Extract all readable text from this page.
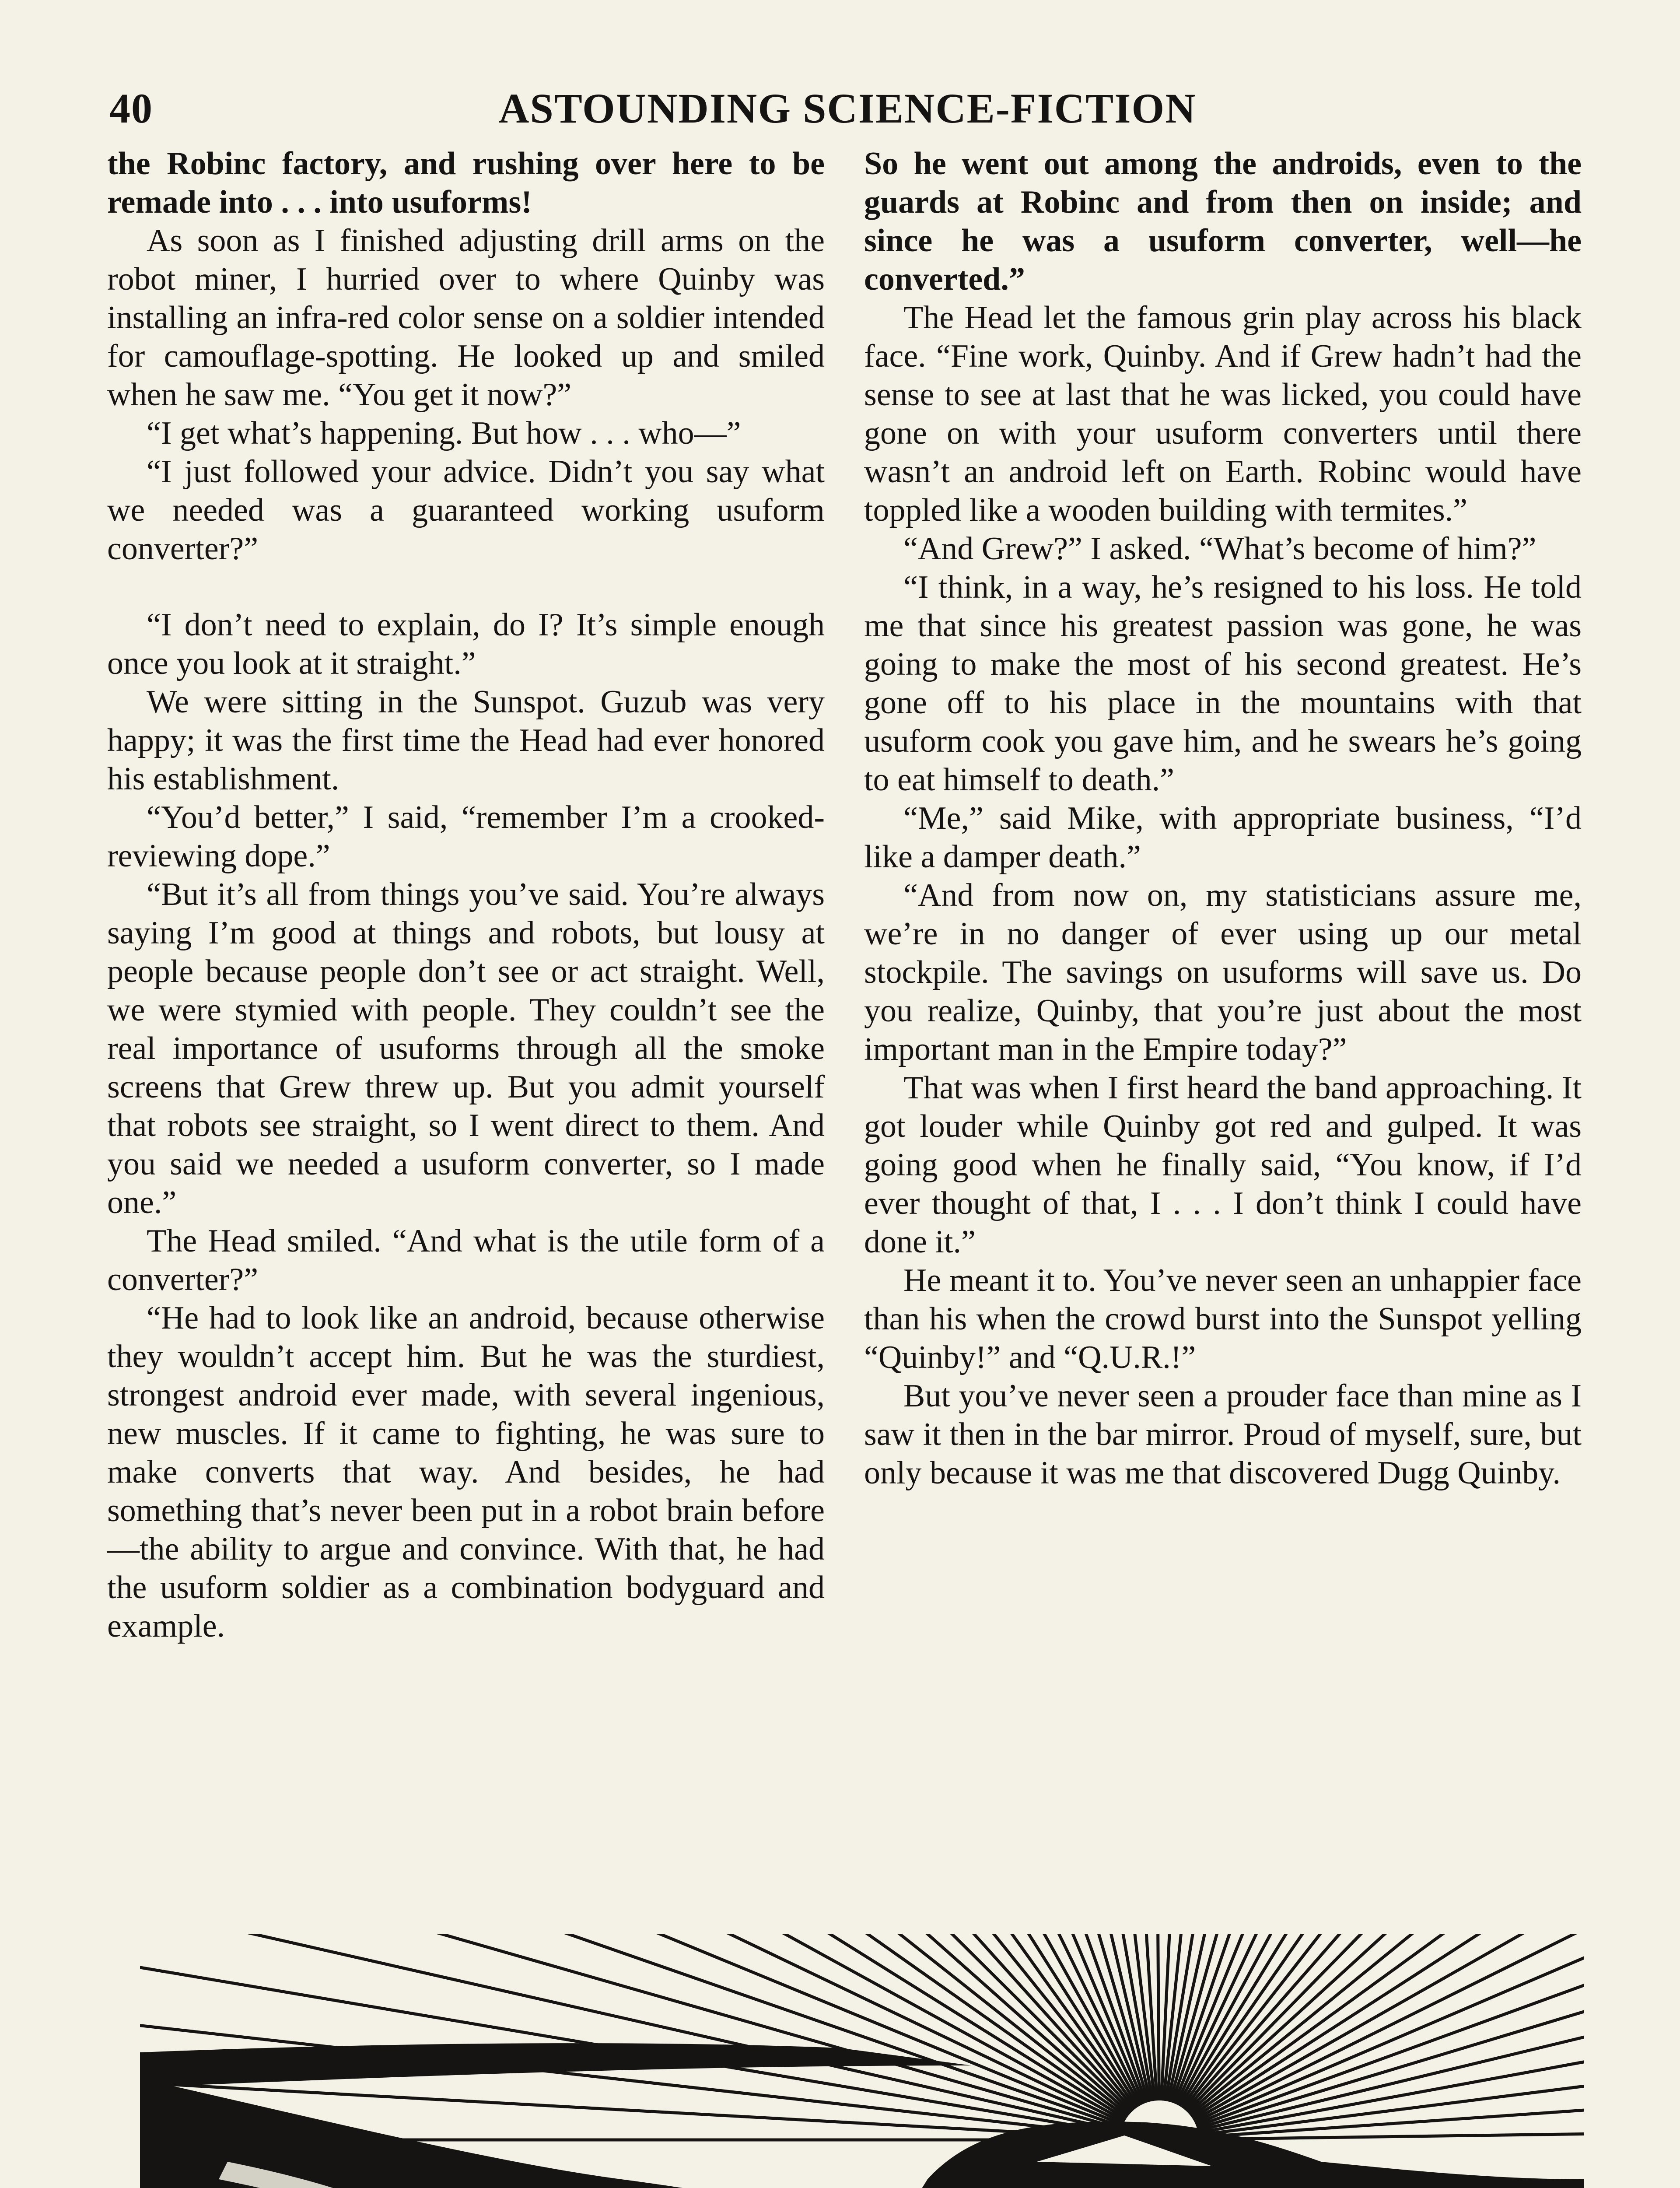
40	ASTOUNDING SCIENCE-FICTION

the Robinc factory, and rushing over here to be remade into . . . into usuforms!

As soon as I finished adjusting drill arms on the robot miner, I hurried over to where Quinby was installing an infra-red color sense on a soldier intended for camouflage-spotting. He looked up and smiled when he saw me. “You get it now?”

“I get what’s happening. But how . . . who—”

“I just followed your advice. Didn’t you say what we needed was a guaranteed working usuform converter?”

“I don’t need to explain, do I? It’s simple enough once you look at it straight.”

We were sitting in the Sunspot. Guzub was very happy; it was the first time the Head had ever honored his establishment.

“You’d better,” I said, “remember I’m a crooked-reviewing dope.”

“But it’s all from things you’ve said. You’re always saying I’m good at things and robots, but lousy at people because people don’t see or act straight. Well, we were stymied with people. They couldn’t see the real importance of usuforms through all the smoke screens that Grew threw up. But you admit yourself that robots see straight, so I went direct to them. And you said we needed a usuform converter, so I made one.”

The Head smiled. “And what is the utile form of a converter?”

“He had to look like an android, because otherwise they wouldn’t accept him. But he was the sturdiest, strongest android ever made, with several ingenious, new muscles. If it came to fighting, he was sure to make converts that way. And besides, he had something that’s never been put in a robot brain before—the ability to argue and convince. With that, he had the usuform soldier as a combination bodyguard and example.

So he went out among the androids, even to the guards at Robinc and from then on inside; and since he was a usuform converter, well—he converted.”

The Head let the famous grin play across his black face. “Fine work, Quinby. And if Grew hadn’t had the sense to see at last that he was licked, you could have gone on with your usuform converters until there wasn’t an android left on Earth. Robinc would have toppled like a wooden building with termites.”

“And Grew?” I asked. “What’s become of him?”

“I think, in a way, he’s resigned to his loss. He told me that since his greatest passion was gone, he was going to make the most of his second greatest. He’s gone off to his place in the mountains with that usuform cook you gave him, and he swears he’s going to eat himself to death.”

“Me,” said Mike, with appropriate business, “I’d like a damper death.”

“And from now on, my statisticians assure me, we’re in no danger of ever using up our metal stockpile. The savings on usuforms will save us. Do you realize, Quinby, that you’re just about the most important man in the Empire today?”

That was when I first heard the band approaching. It got louder while Quinby got red and gulped. It was going good when he finally said, “You know, if I’d ever thought of that, I . . . I don’t think I could have done it.”

He meant it to. You’ve never seen an unhappier face than his when the crowd burst into the Sunspot yelling “Quinby!” and “Q.U.R.!”

But you’ve never seen a prouder face than mine as I saw it then in the bar mirror. Proud of myself, sure, but only because it was me that discovered Dugg Quinby.
